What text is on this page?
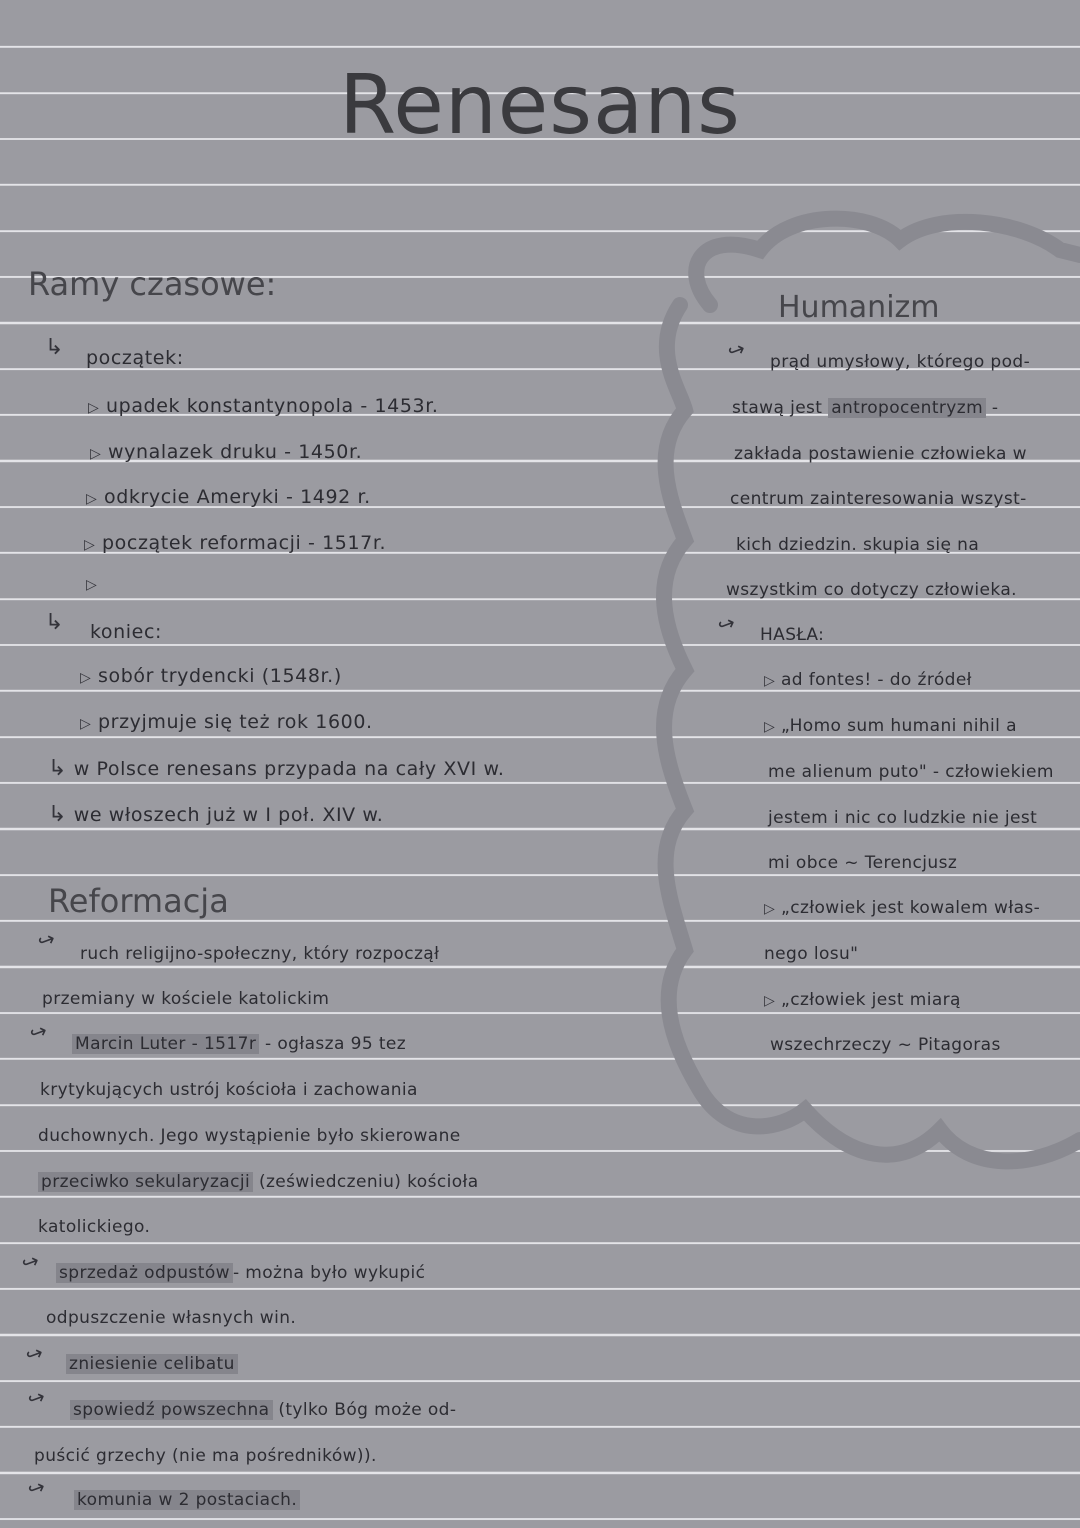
Renesans
Ramy czasowe:
↳ początek:
▷ upadek konstantynopola - 1453r.
▷ wynalazek druku - 1450r.
▷ odkrycie Ameryki - 1492 r.
▷ początek reformacji - 1517r.
▷
↳ koniec:
▷ sobór trydencki (1548r.)
▷ przyjmuje się też rok 1600.
↳ w Polsce renesans przypada na cały XVI w.
↳ we włoszech już w I poł. XIV w.
Reformacja
↪ ruch religijno-społeczny, który rozpoczął
przemiany w kościele katolickim
↪ Marcin Luter - 1517r - ogłasza 95 tez
krytykujących ustrój kościoła i zachowania
duchownych. Jego wystąpienie było skierowane
przeciwko sekularyzacji (zeświedczeniu) kościoła
katolickiego.
↪ sprzedaż odpustów - można było wykupić
odpuszczenie własnych win.
↪ zniesienie celibatu
↪ spowiedź powszechna (tylko Bóg może od-
puścić grzechy (nie ma pośredników)).
↪ komunia w 2 postaciach.
Humanizm
↪ prąd umysłowy, którego pod-
stawą jest antropocentryzm -
zakłada postawienie człowieka w
centrum zainteresowania wszyst-
kich dziedzin. skupia się na
wszystkim co dotyczy człowieka.
↪ HASŁA:
▷ ad fontes! - do źródeł
▷ „Homo sum humani nihil a
me alienum puto" - człowiekiem
jestem i nic co ludzkie nie jest
mi obce ~ Terencjusz
▷ „człowiek jest kowalem włas-
nego losu"
▷ „człowiek jest miarą
wszechrzeczy ~ Pitagoras
